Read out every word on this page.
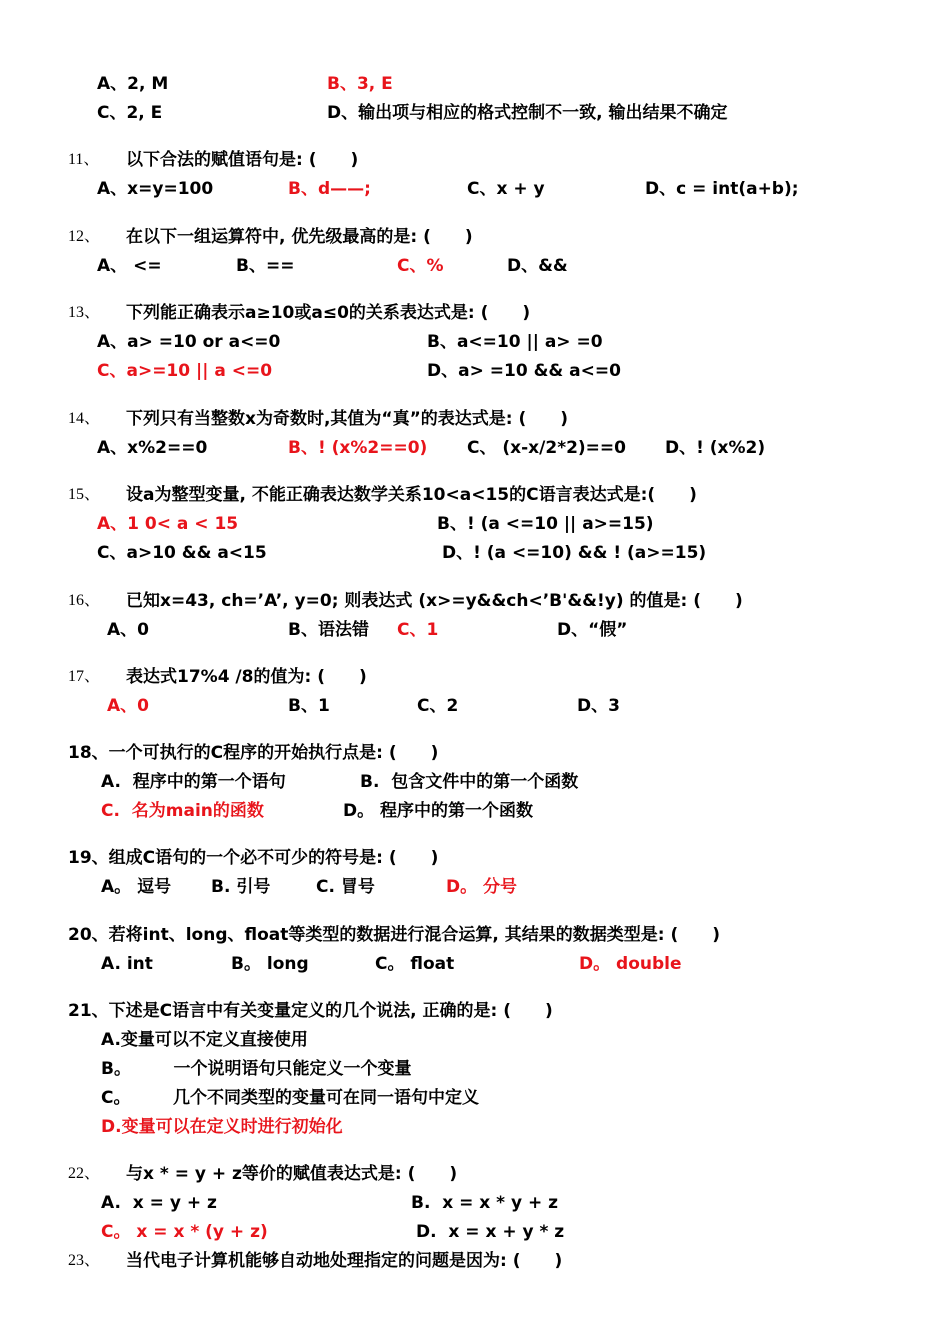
A、2, M	B、3, E
C、2, E	D、输出项与相应的格式控制不一致, 输出结果不确定
11、 以下合法的赋值语句是: (　　)
A、x=y=100	B、d——;	C、x + y	D、c = int(a+b);
12、 在以下一组运算符中, 优先级最高的是: (　　)
A、 <=	B、==	C、%	D、&&
13、 下列能正确表示a≥10或a≤0的关系表达式是: (　　)
A、a> =10 or a<=0	B、a<=10 || a> =0
C、a>=10 || a <=0	D、a> =10 && a<=0
14、 下列只有当整数x为奇数时,其值为“真”的表达式是: (　　)
A、x%2==0	B、! (x%2==0) C、 (x-x/2*2)==0 D、! (x%2)
15、 设a为整型变量, 不能正确表达数学关系10<a<15的C语言表达式是:(　　)
A、1 0< a < 15	B、! (a <=10 || a>=15)
C、a>10 && a<15	D、! (a <=10) && ! (a>=15)
16、 已知x=43, ch=’A’, y=0; 则表达式 (x>=y&&ch<’B'&&!y) 的值是: (　　)
A、0	B、语法错 C、1	D、“假”
17、 表达式17%4 /8的值为: (　　)
A、0	B、1	C、2	D、3
18、一个可执行的C程序的开始执行点是: (　　)
A.  程序中的第一个语句	B.  包含文件中的第一个函数
C.  名为main的函数	D。 程序中的第一个函数
19、组成C语句的一个必不可少的符号是: (　　)
A。 逗号 B. 引号	C. 冒号	D。 分号
20、若将int、long、float等类型的数据进行混合运算, 其结果的数据类型是: (　　)
A. int	B。 long	C。 float	D。 double
21、下述是C语言中有关变量定义的几个说法, 正确的是: (　　)
A.变量可以不定义直接使用
B。　　　一个说明语句只能定义一个变量
C。　　　几个不同类型的变量可在同一语句中定义
D.变量可以在定义时进行初始化
22、 与x * = y + z等价的赋值表达式是: (　　)
A.  x = y + z	B.  x = x * y + z
C。 x = x * (y + z)	D.  x = x + y * z
23、 当代电子计算机能够自动地处理指定的问题是因为: (　　)
